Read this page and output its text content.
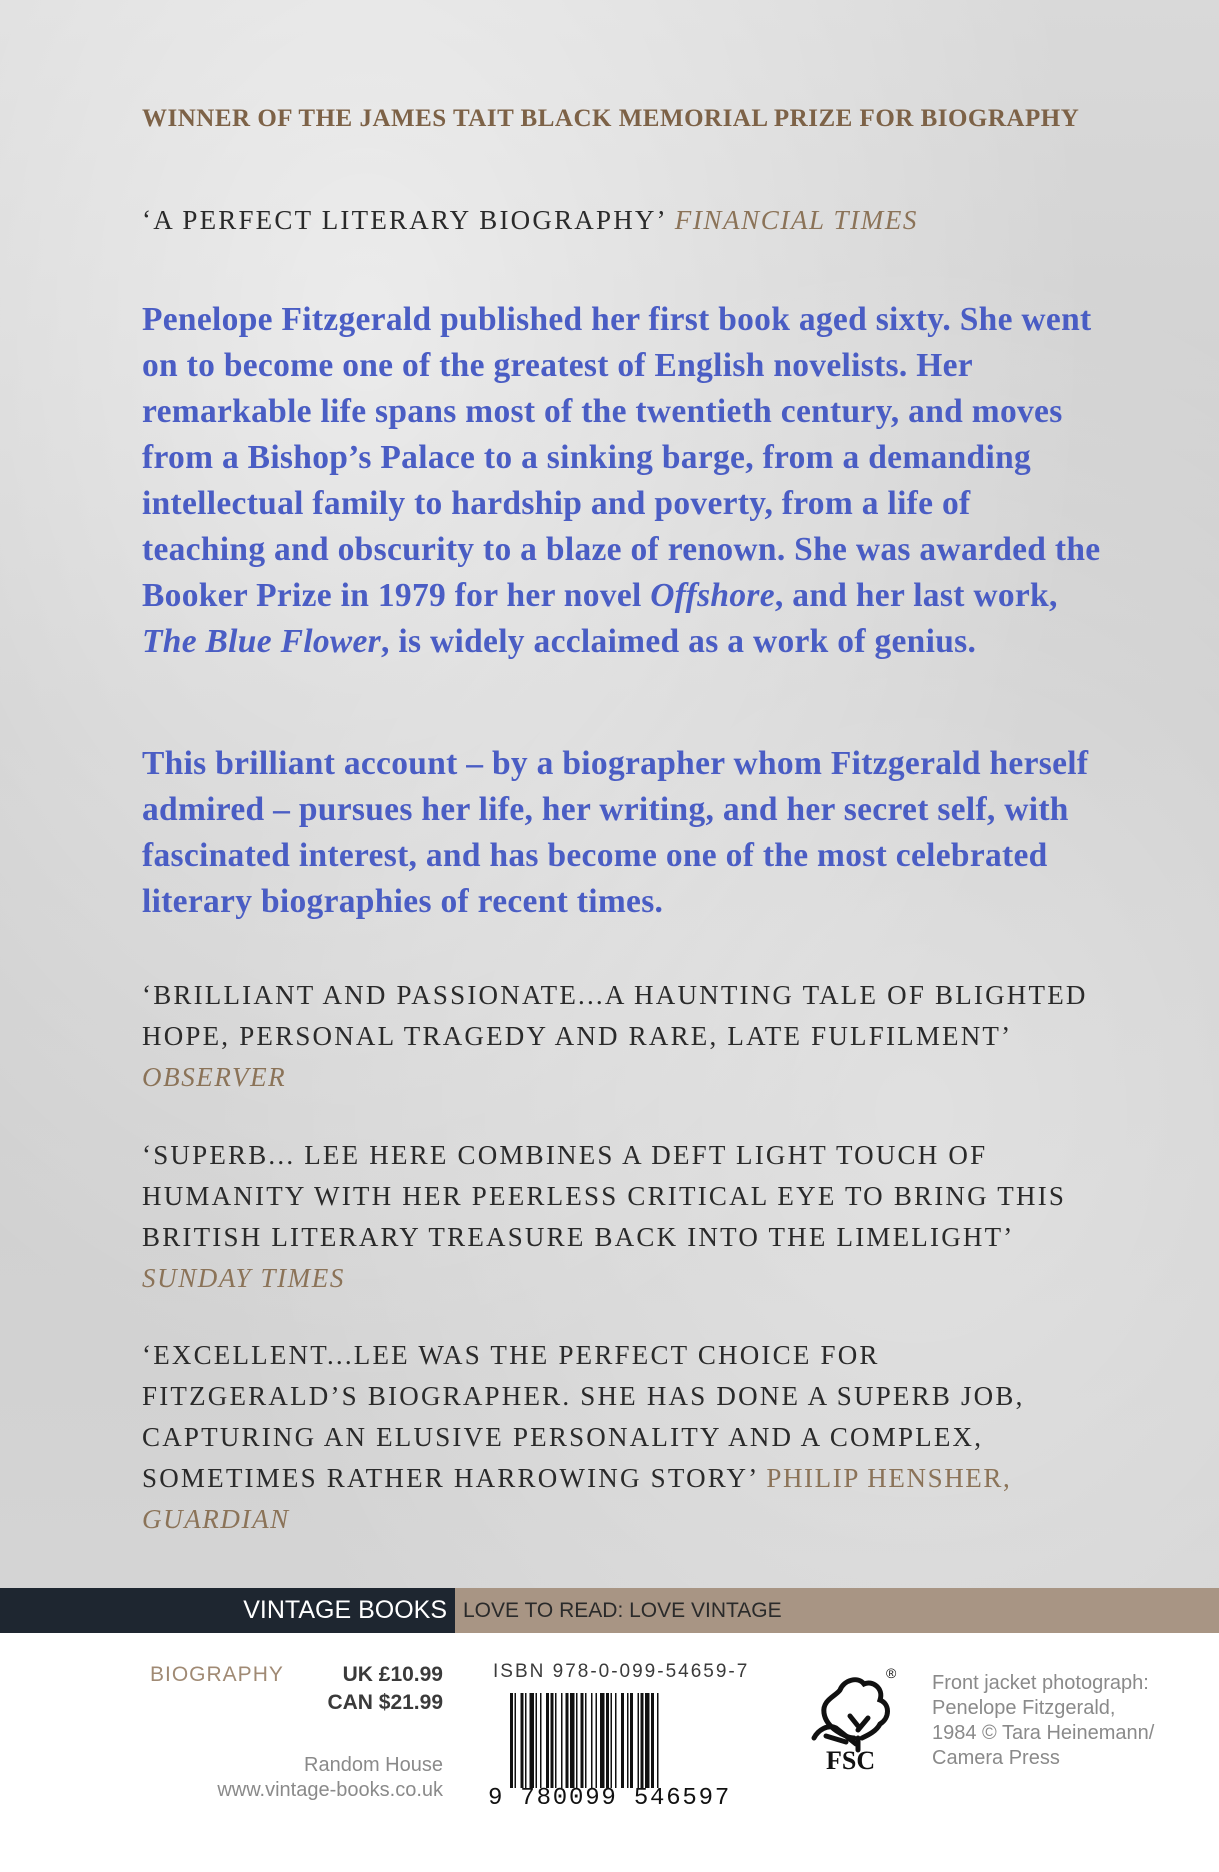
WINNER OF THE JAMES TAIT BLACK MEMORIAL PRIZE FOR BIOGRAPHY
‘A PERFECT LITERARY BIOGRAPHY’ FINANCIAL TIMES
Penelope Fitzgerald published her first book aged sixty. She went on to become one of the greatest of English novelists. Her remarkable life spans most of the twentieth century, and moves from a Bishop’s Palace to a sinking barge, from a demanding intellectual family to hardship and poverty, from a life of teaching and obscurity to a blaze of renown. She was awarded the Booker Prize in 1979 for her novel Offshore, and her last work, The Blue Flower, is widely acclaimed as a work of genius.
This brilliant account – by a biographer whom Fitzgerald herself admired – pursues her life, her writing, and her secret self, with fascinated interest, and has become one of the most celebrated literary biographies of recent times.
‘BRILLIANT AND PASSIONATE...A HAUNTING TALE OF BLIGHTED HOPE, PERSONAL TRAGEDY AND RARE, LATE FULFILMENT’ OBSERVER
‘SUPERB... LEE HERE COMBINES A DEFT LIGHT TOUCH OF HUMANITY WITH HER PEERLESS CRITICAL EYE TO BRING THIS BRITISH LITERARY TREASURE BACK INTO THE LIMELIGHT’ SUNDAY TIMES
‘EXCELLENT...LEE WAS THE PERFECT CHOICE FOR FITZGERALD’S BIOGRAPHER. SHE HAS DONE A SUPERB JOB, CAPTURING AN ELUSIVE PERSONALITY AND A COMPLEX, SOMETIMES RATHER HARROWING STORY’ PHILIP HENSHER, GUARDIAN
VINTAGE BOOKS LOVE TO READ: LOVE VINTAGE
BIOGRAPHY	UK £10.99
CAN $21.99
Random House
www.vintage-books.co.uk
ISBN 978-0-099-54659-7
9 780099 546597
FSC
® Front jacket photograph:
Penelope Fitzgerald,
1984 © Tara Heinemann/
Camera Press
